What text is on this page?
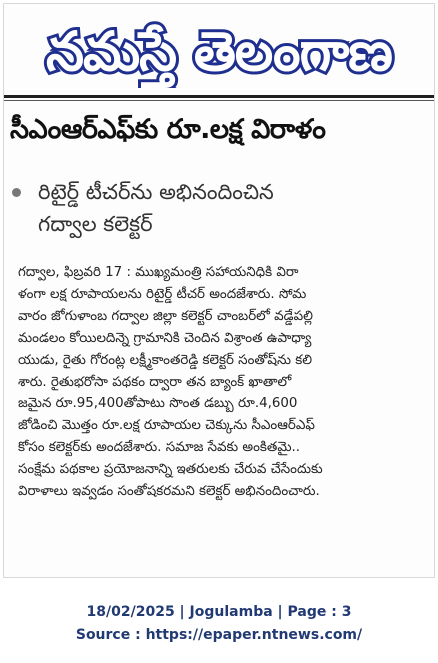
నమస్తే తెలంగాణ
సీఎంఆర్ఎఫ్‌కు రూ.లక్ష విరాళం
రిటైర్డ్ టీచర్‌ను అభినందించిన
గద్వాల కలెక్టర్
గద్వాల, ఫిబ్రవరి 17 : ముఖ్యమంత్రి సహాయనిధికి విరా
ళంగా లక్ష రూపాయలను రిటైర్డ్ టీచర్ అందజేశారు. సోమ
వారం జోగుళాంబ గద్వాల జిల్లా కలెక్టర్ చాంబర్‌లో వడ్డేపల్లి
మండలం కోయిలదిన్నె గ్రామానికి చెందిన విశ్రాంత ఉపాధ్యా
యుడు, రైతు గోరంట్ల లక్ష్మీకాంతరెడ్డి కలెక్టర్ సంతోష్‌ను కలి
శారు. రైతుభరోసా పథకం ద్వారా తన బ్యాంక్ ఖాతాలో
జమైన రూ.95,400తోపాటు సొంత డబ్బు రూ.4,600
జోడించి మొత్తం రూ.లక్ష రూపాయల చెక్కును సీఎంఆర్ఎఫ్
కోసం కలెక్టర్‌కు అందజేశారు. సమాజ సేవకు అంకితమై..
సంక్షేమ పథకాల ప్రయోజనాన్ని ఇతరులకు చేరువ చేసేందుకు
విరాళాలు ఇవ్వడం సంతోషకరమని కలెక్టర్ అభినందించారు.
18/02/2025 | Jogulamba | Page : 3
Source : https://epaper.ntnews.com/
